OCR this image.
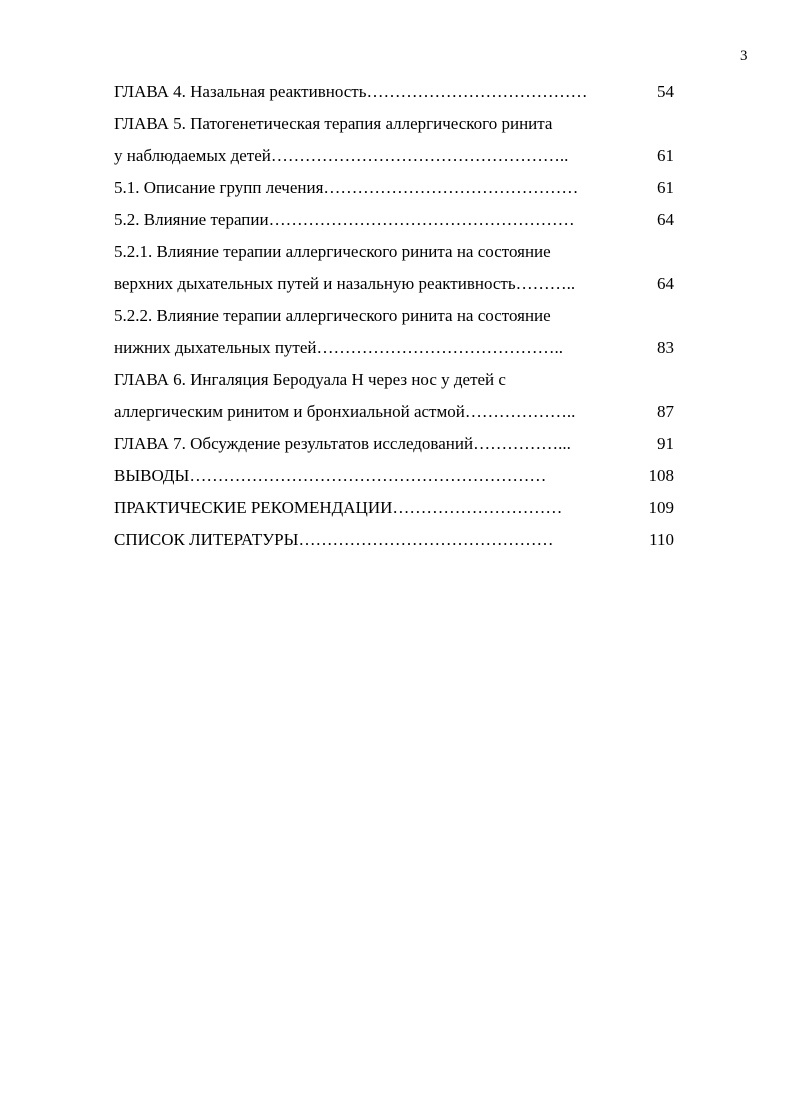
3
ГЛАВА 4. Назальная реактивность …………………………………	54
ГЛАВА 5. Патогенетическая терапия аллергического ринита
у наблюдаемых детей ……………………………………………..	61
5.1. Описание групп лечения ………………………………………	61
5.2. Влияние терапии ………………………………………………	64
5.2.1. Влияние терапии аллергического ринита на состояние
верхних дыхательных путей и назальную реактивность ………..	64
5.2.2. Влияние терапии аллергического ринита на состояние
нижних дыхательных путей ……………………………………..	83
ГЛАВА 6. Ингаляция Беродуала Н через нос у детей с
аллергическим ринитом и бронхиальной астмой ………………..	87
ГЛАВА 7. Обсуждение результатов исследований ……………...	91
ВЫВОДЫ ………………………………………………………	108
ПРАКТИЧЕСКИЕ РЕКОМЕНДАЦИИ …………………………	109
СПИСОК ЛИТЕРАТУРЫ ………………………………………	110
